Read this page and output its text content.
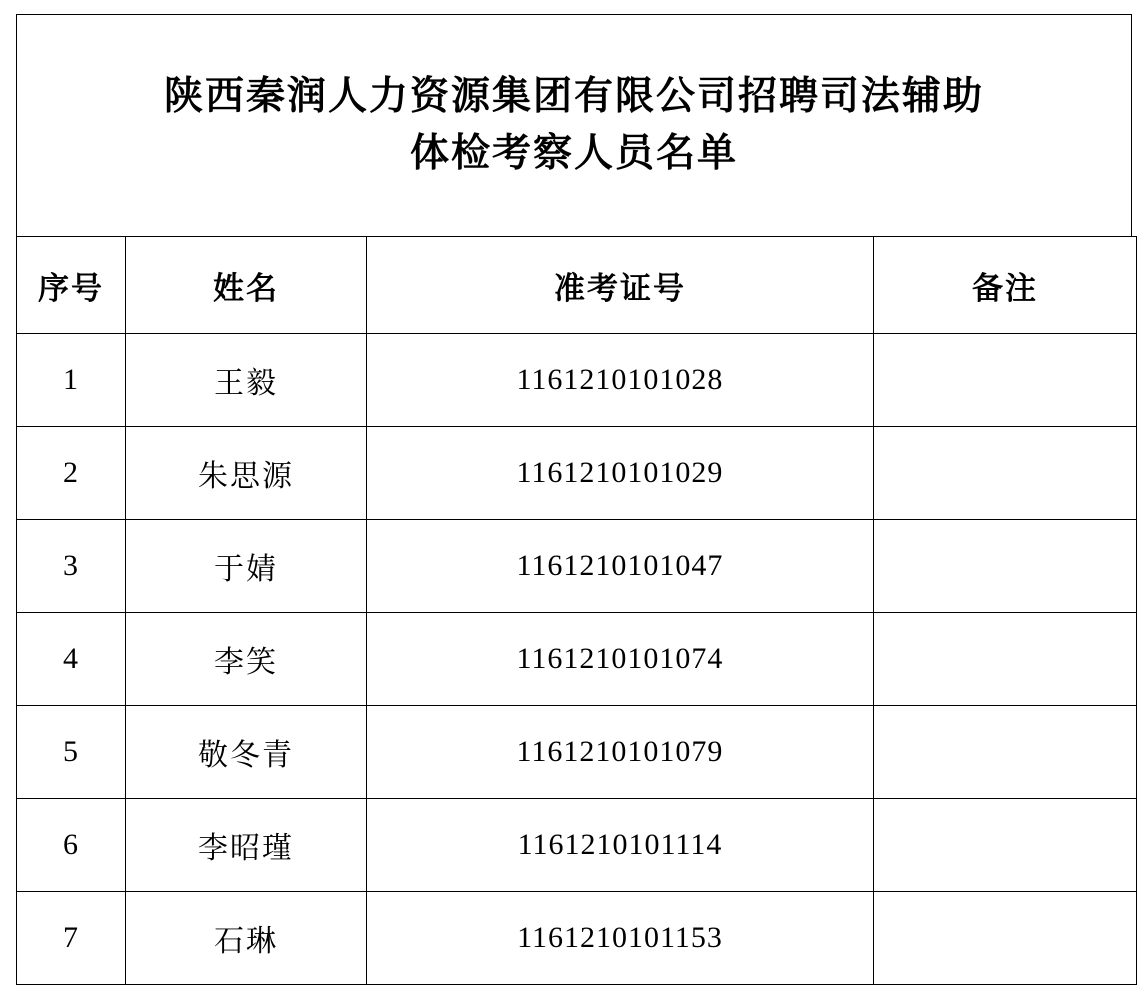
陕西秦润人力资源集团有限公司招聘司法辅助
体检考察人员名单
序号	姓名	准考证号	备注
1	王毅	1161210101028	
2	朱思源	1161210101029	
3	于婧	1161210101047	
4	李笑	1161210101074	
5	敬冬青	1161210101079	
6	李昭瑾	1161210101114	
7	石琳	1161210101153	
